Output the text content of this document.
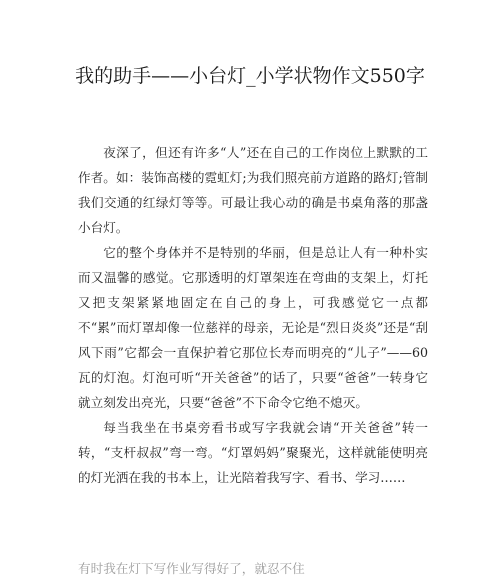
我的助手——小台灯_小学状物作文550字

夜深了，但还有许多“人”还在自己的工作岗位上默默的工作者。如：装饰高楼的霓虹灯;为我们照亮前方道路的路灯;管制我们交通的红绿灯等等。可最让我心动的确是书桌角落的那盏小台灯。

它的整个身体并不是特别的华丽，但是总让人有一种朴实而又温馨的感觉。它那透明的灯罩架连在弯曲的支架上，灯托又把支架紧紧地固定在自己的身上，可我感觉它一点都不“累”而灯罩却像一位慈祥的母亲，无论是“烈日炎炎”还是“刮风下雨”它都会一直保护着它那位长寿而明亮的“儿子”——60瓦的灯泡。灯泡可听“开关爸爸”的话了，只要“爸爸”一转身它就立刻发出亮光，只要“爸爸”不下命令它绝不熄灭。

每当我坐在书桌旁看书或写字我就会请“开关爸爸”转一转，“支杆叔叔”弯一弯。“灯罩妈妈”聚聚光，这样就能使明亮的灯光洒在我的书本上，让光陪着我写字、看书、学习……

有时我在灯下写作业写得好了，就忍不住
